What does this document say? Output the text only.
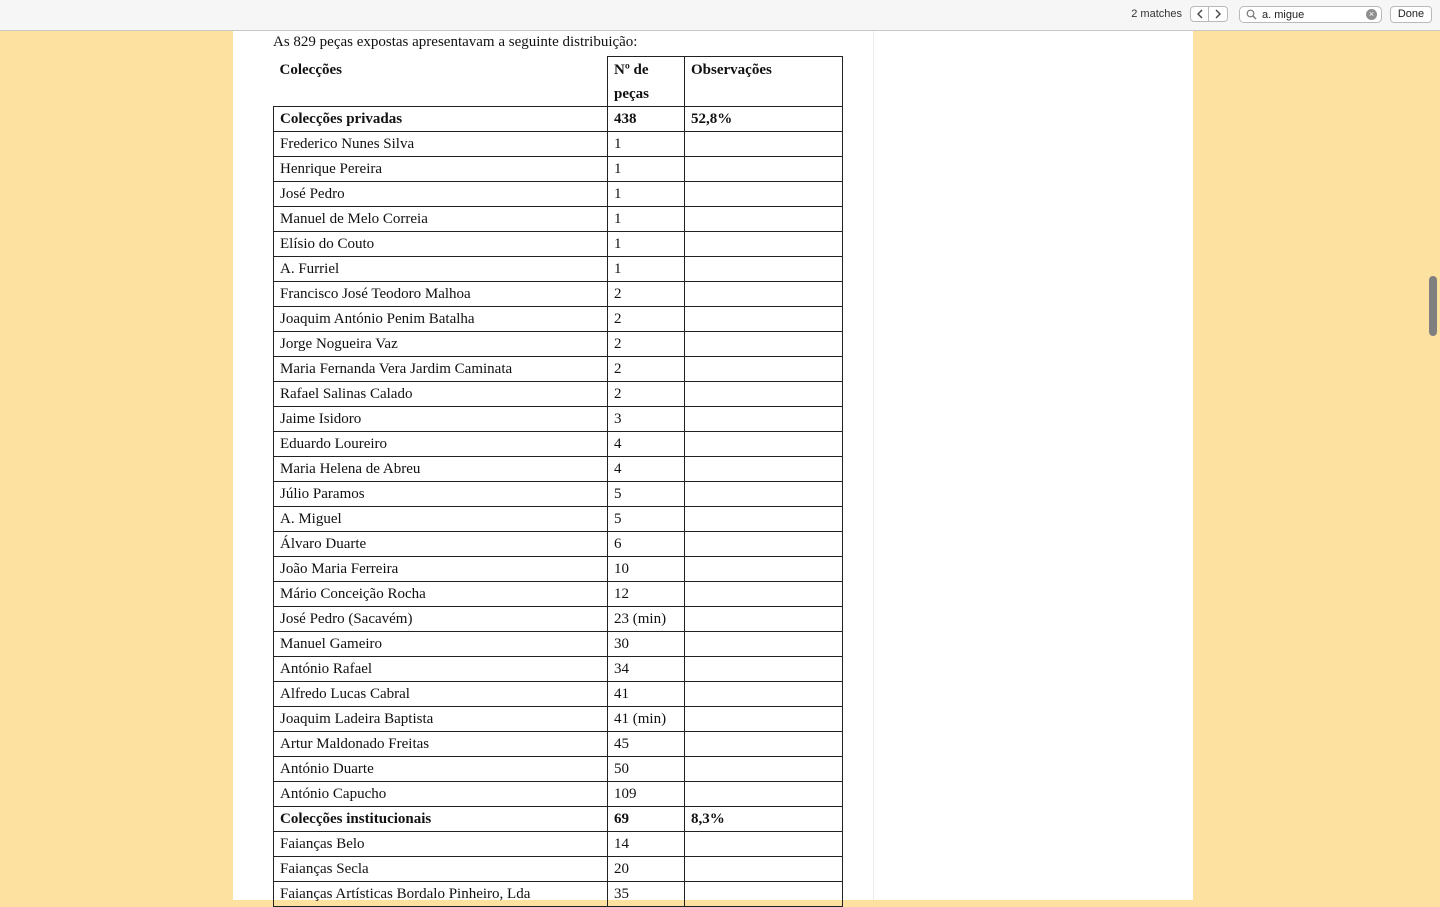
2 matches	a. migue	×	Done
As 829 peças expostas apresentavam a seguinte distribuição:
Colecções	Nº de peças	Observações
Colecções privadas	438	52,8%
Frederico Nunes Silva	1	
Henrique Pereira	1	
José Pedro	1	
Manuel de Melo Correia	1	
Elísio do Couto	1	
A. Furriel	1	
Francisco José Teodoro Malhoa	2	
Joaquim António Penim Batalha	2	
Jorge Nogueira Vaz	2	
Maria Fernanda Vera Jardim Caminata	2	
Rafael Salinas Calado	2	
Jaime Isidoro	3	
Eduardo Loureiro	4	
Maria Helena de Abreu	4	
Júlio Paramos	5	
A. Miguel	5	
Álvaro Duarte	6	
João Maria Ferreira	10	
Mário Conceição Rocha	12	
José Pedro (Sacavém)	23 (min)	
Manuel Gameiro	30	
António Rafael	34	
Alfredo Lucas Cabral	41	
Joaquim Ladeira Baptista	41 (min)	
Artur Maldonado Freitas	45	
António Duarte	50	
António Capucho	109	
Colecções institucionais	69	8,3%
Faianças Belo	14	
Faianças Secla	20	
Faianças Artísticas Bordalo Pinheiro, Lda	35	
